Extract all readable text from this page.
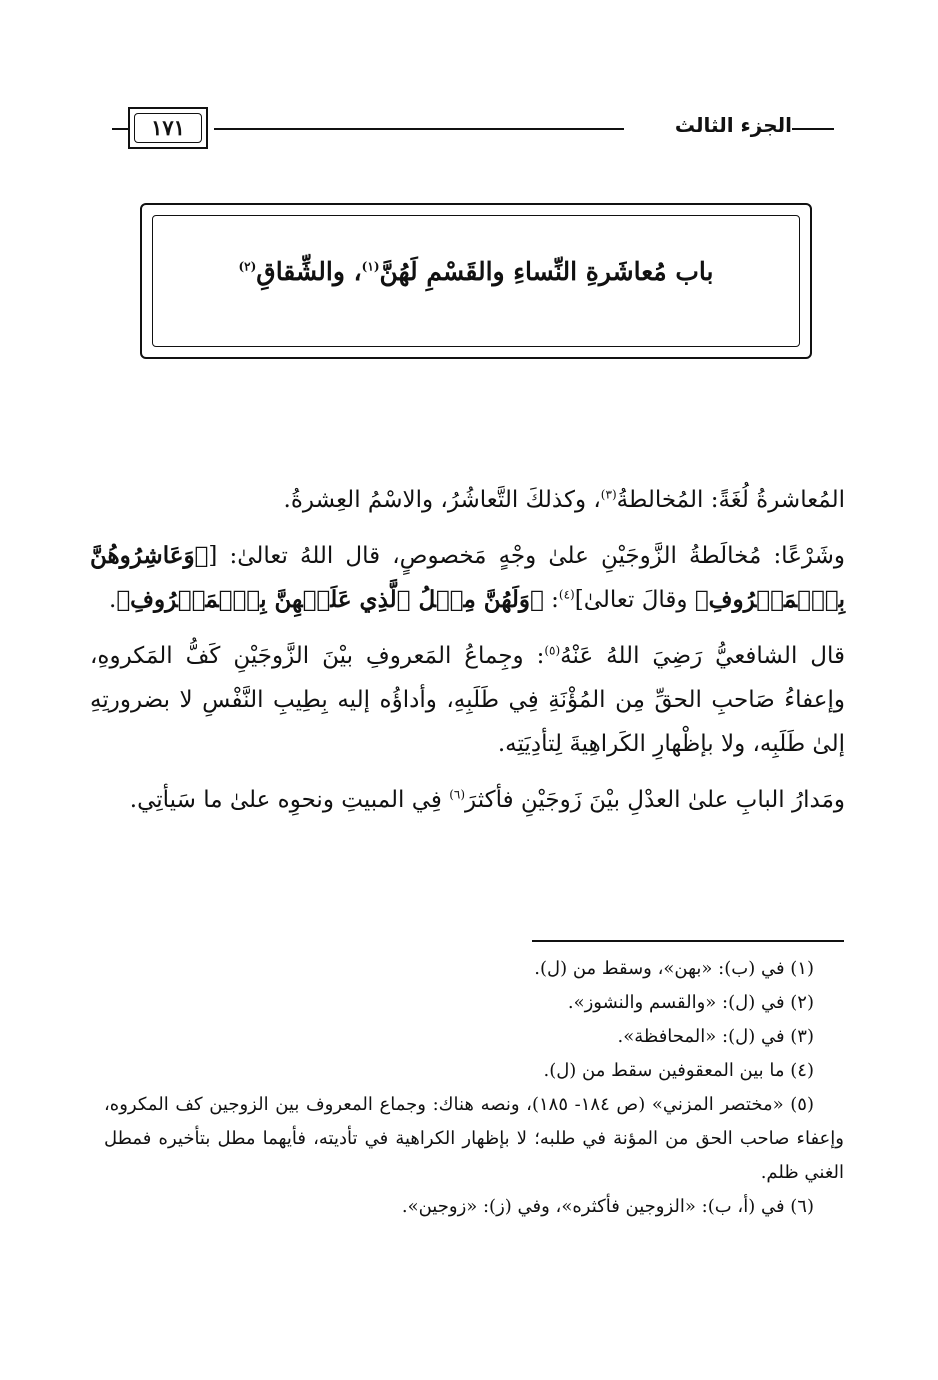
١٧١	الجزء الثالث
باب مُعاشَرةِ النِّساءِ والقَسْمِ لَهُنَّ$^{(١)}$، والشِّقاقِ$^{(٢)}$

المُعاشرةُ لُغَةً: المُخالطةُ$^{(٣)}$، وكذلكَ التَّعاشُرُ، والاسْمُ العِشرةُ.

وشَرْعًا: مُخالَطةُ الزَّوجَيْنِ علىٰ وجْهٍ مَخصوصٍ، قال اللهُ تعالىٰ: [﴿وَعَاشِرُوهُنَّ بِٱلۡمَعۡرُوفِ﴾ وقالَ تعالىٰ]$^{(٤)}$: ﴿وَلَهُنَّ مِثۡلُ ٱلَّذِي عَلَيۡهِنَّ بِٱلۡمَعۡرُوفِ﴾.

قال الشافعيُّ رَضِيَ اللهُ عَنْهُ$^{(٥)}$: وجِماعُ المَعروفِ بيْنَ الزَّوجَيْنِ كَفُّ المَكروهِ، وإعفاءُ صَاحبِ الحقِّ مِن المُؤْنَةِ فِي طَلَبِهِ، وأداؤُه إليه بِطِيبِ النَّفْسِ لا بضرورتِهِ إلىٰ طَلَبِه، ولا بإظْهارِ الكَراهِيةَ لِتأدِيَتِه.

ومَدارُ البابِ علىٰ العدْلِ بيْنَ زَوجَيْنِ فأكثرَ$^{(٦)}$ فِي المبيتِ ونحوِه علىٰ ما سَيأتِي.

(١) في (ب): «بهن»، وسقط من (ل).

(٢) في (ل): «والقسم والنشوز».

(٣) في (ل): «المحافظة».

(٤) ما بين المعقوفين سقط من (ل).

(٥) «مختصر المزني» (ص ١٨٤- ١٨٥)، ونصه هناك: وجماع المعروف بين الزوجين كف المكروه، وإعفاء صاحب الحق من المؤنة في طلبه؛ لا بإظهار الكراهية في تأديته، فأيهما مطل بتأخيره فمطل الغني ظلم.

(٦) في (أ، ب): «الزوجين فأكثره»، وفي (ز): «زوجين».
